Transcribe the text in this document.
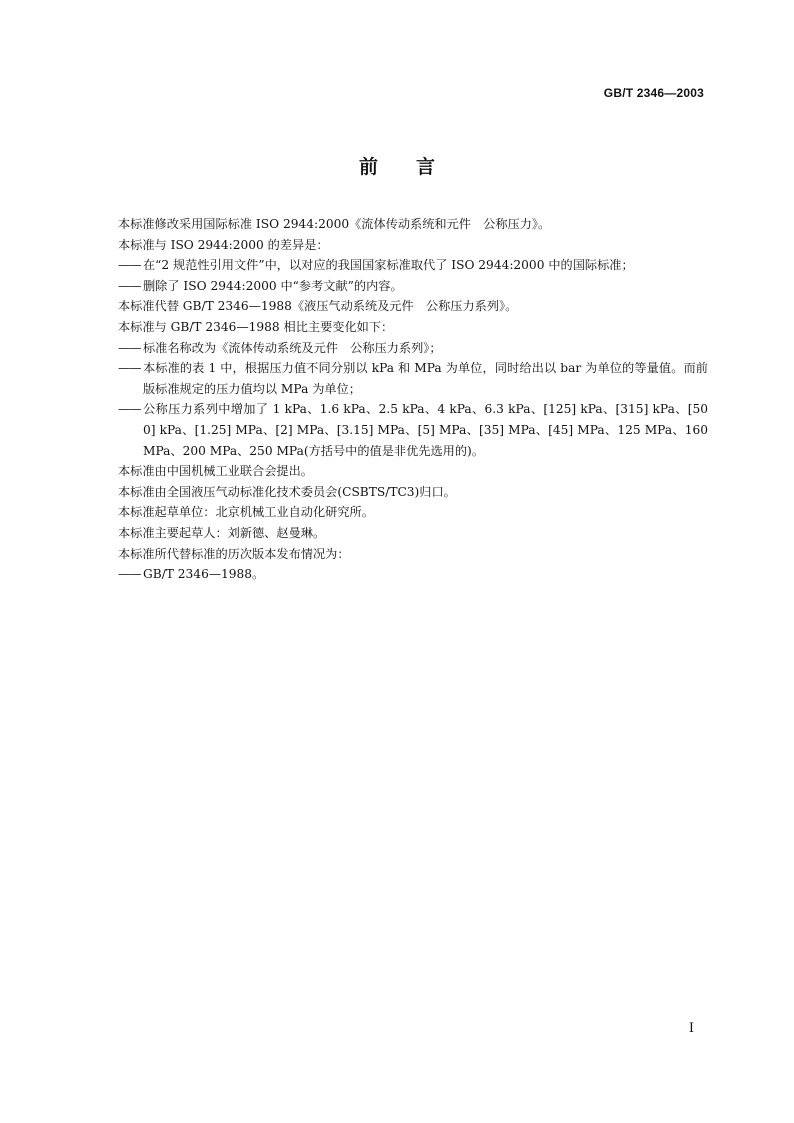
GB/T 2346—2003
前言

本标准修改采用国际标准 ISO 2944:2000《流体传动系统和元件　公称压力》。

本标准与 ISO 2944:2000 的差异是：

—— 在“2 规范性引用文件”中，以对应的我国国家标准取代了 ISO 2944:2000 中的国际标准；
—— 删除了 ISO 2944:2000 中“参考文献”的内容。

本标准代替 GB/T 2346—1988《液压气动系统及元件　公称压力系列》。

本标准与 GB/T 2346—1988 相比主要变化如下：

—— 标准名称改为《流体传动系统及元件　公称压力系列》；
—— 本标准的表 1 中，根据压力值不同分别以 kPa 和 MPa 为单位，同时给出以 bar 为单位的等量值。而前版标准规定的压力值均以 MPa 为单位；
—— 公称压力系列中增加了 1 kPa、1.6 kPa、2.5 kPa、4 kPa、6.3 kPa、[125] kPa、[315] kPa、[500] kPa、[1.25] MPa、[2] MPa、[3.15] MPa、[5] MPa、[35] MPa、[45] MPa、125 MPa、160 MPa、200 MPa、250 MPa(方括号中的值是非优先选用的)。

本标准由中国机械工业联合会提出。

本标准由全国液压气动标准化技术委员会(CSBTS/TC3)归口。

本标准起草单位：北京机械工业自动化研究所。

本标准主要起草人：刘新德、赵曼琳。

本标准所代替标准的历次版本发布情况为：

—— GB/T 2346—1988。
I
